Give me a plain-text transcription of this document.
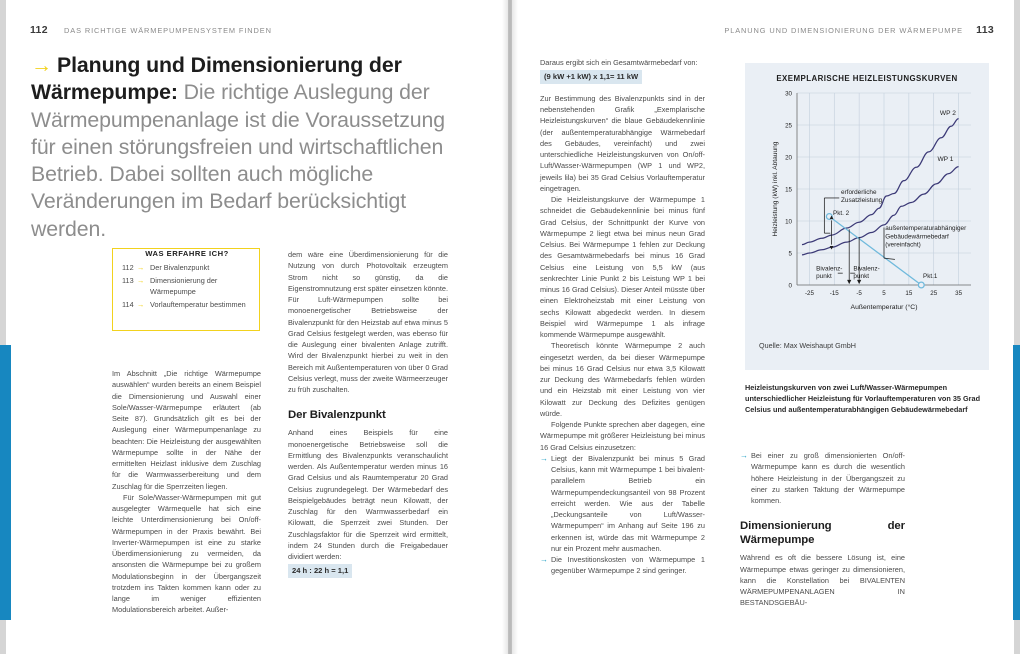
112 DAS RICHTIGE WÄRMEPUMPENSYSTEM FINDEN	PLANUNG UND DIMENSIONIERUNG DER WÄRMEPUMPE 113
→ Planung und Dimensionierung der Wärmepumpe: Die richtige Auslegung der Wärmepumpenanlage ist die Voraussetzung für einen störungsfreien und wirtschaftlichen Betrieb. Dabei sollten auch mögliche Veränderungen im Bedarf berücksichtigt werden.
WAS ERFAHRE ICH?
112 → Der Bivalenzpunkt
113 → Dimensionierung der Wärmepumpe
114 → Vorlauftemperatur bestimmen

Im Abschnitt „Die richtige Wärmepumpe auswählen“ wurden bereits an einem Beispiel die Dimensionierung und Auswahl einer Sole/Wasser-Wärmepumpe erläutert (ab Seite 87). Grundsätzlich gilt es bei der Auslegung einer Wärmepumpenanlage zu beachten: Die Heizleistung der ausgewählten Wärmepumpe sollte in der Nähe der ermittelten Heizlast inklusive dem Zuschlag für die Warmwasserbereitung und dem Zuschlag für die Sperrzeiten liegen.

Für Sole/Wasser-Wärmepumpen mit gut ausgelegter Wärmequelle hat sich eine leichte Unterdimensionierung bei On/off-Wärmepumpen in der Praxis bewährt. Bei Inverter-Wärmepumpen ist eine zu starke Überdimensionierung zu vermeiden, da ansonsten die Wärmepumpe bei zu großem Modulationsbeginn in der Übergangszeit trotzdem ins Takten kommen kann oder zu lange im weniger effizienten Modulationsbereich arbeitet. Außer-

dem wäre eine Überdimensionierung für die Nutzung von durch Photovoltaik erzeugtem Strom nicht so günstig, da die Eigenstromnutzung erst später einsetzen könnte. Für Luft-Wärmepumpen sollte bei monoenergetischer Betriebsweise der Bivalenzpunkt für den Heizstab auf etwa minus 5 Grad Celsius festgelegt werden, was ebenso für die Auslegung einer bivalenten Anlage zutrifft. Wird der Bivalenzpunkt hierbei zu weit in den Bereich mit Außentemperaturen von über 0 Grad Celsius verlegt, muss der zweite Wärmeerzeuger zu früh zuschalten.

Der Bivalenzpunkt

Anhand eines Beispiels für eine monoenergetische Betriebsweise soll die Ermittlung des Bivalenzpunkts veranschaulicht werden. Als Außentemperatur werden minus 16 Grad Celsius und als Raumtemperatur 20 Grad Celsius zugrundegelegt. Der Wärmebedarf des Beispielgebäudes beträgt neun Kilowatt, der Zuschlag für den Warmwasserbedarf ein Kilowatt, die Sperrzeit zwei Stunden. Der Zuschlagsfaktor für die Sperrzeit wird ermittelt, indem 24 Stunden durch die Freigabedauer dividiert werden:

24 h : 22 h = 1,1

Daraus ergibt sich ein Gesamtwärmebedarf von:

(9 kW +1 kW) x 1,1= 11 kW

Zur Bestimmung des Bivalenzpunkts sind in der nebenstehenden Grafik „Exemplarische Heizleistungskurven“ die blaue Gebäudekennlinie (der außentemperaturabhängige Wärmebedarf des Gebäudes, vereinfacht) und zwei unterschiedliche Heizleistungskurven von On/off-Luft/Wasser-Wärmepumpen (WP 1 und WP2, jeweils lila) bei 35 Grad Celsius Vorlauftemperatur eingetragen.

Die Heizleistungskurve der Wärmepumpe 1 schneidet die Gebäudekennlinie bei minus fünf Grad Celsius, der Schnittpunkt der Kurve von Wärmepumpe 2 liegt etwa bei minus neun Grad Celsius. Bei Wärmepumpe 1 fehlen zur Deckung des Gesamtwärmebedarfs bei minus 16 Grad Celsius eine Leistung von 5,5 kW (aus senkrechter Linie Punkt 2 bis Leistung WP 1 bei minus 16 Grad Celsius). Dieser Anteil müsste über einen Elektroheizstab mit einer Leistung von sechs Kilowatt abgedeckt werden. In diesem Beispiel wird Wärmepumpe 1 als infrage kommende Wärmepumpe ausgewählt.

Theoretisch könnte Wärmepumpe 2 auch eingesetzt werden, da bei dieser Wärmepumpe bei minus 16 Grad Celsius nur etwa 3,5 Kilowatt zur Deckung des Wärmebedarfs fehlen würden und ein Heizstab mit einer Leistung von vier Kilowatt zur Deckung des Defizites genügen würde.

Folgende Punkte sprechen aber dagegen, eine Wärmepumpe mit größerer Heizleistung bei minus 16 Grad Celsius einzusetzen:

→ Liegt der Bivalenzpunkt bei minus 5 Grad Celsius, kann mit Wärmepumpe 1 bei bivalent-parallelem Betrieb ein Wärmepumpendeckungsanteil von 98 Prozent erreicht werden. Wie aus der Tabelle „Deckungsanteile von Luft/Wasser-Wärmepumpen“ im Anhang auf Seite 196 zu erkennen ist, würde das mit Wärmepumpe 2 nur ein Prozent mehr ausmachen.
→ Die Investitionskosten von Wärmepumpe 1 gegenüber Wärmepumpe 2 sind geringer.
→ Bei einer zu groß dimensionierten On/off-Wärmepumpe kann es durch die wesentlich höhere Heizleistung in der Übergangszeit zu einer zu starken Taktung der Wärmepumpe kommen.
Dimensionierung der Wärmepumpe

Während es oft die bessere Lösung ist, eine Wärmepumpe etwas geringer zu dimensionieren, kann die Konstellation bei BIVALENTEN WÄRMEPUMPENANLAGEN IN BESTANDSGEBÄU-

EXEMPLARISCHE HEIZLEISTUNGSKURVEN
0
5
10
15
20
25
30
-25	-15	-5	5	15	25	35
WP 2
WP 1
Pkt. 2
Pkt.1
erforderliche
Zusatzleistung
Bivalenz-
punkt
Bivalenz-
punkt
außentemperaturabhängiger
Gebäudewärmebedarf
(vereinfacht)
Außentemperatur (°C)
Heizleistung (kW) inkl. Abtauung
Quelle: Max Weishaupt GmbH
Heizleistungskurven von zwei Luft/Wasser-Wärmepumpen unterschiedlicher Heizleistung für Vorlauftemperaturen von 35 Grad Celsius und außentemperaturabhängigen Gebäudewärmebedarf
